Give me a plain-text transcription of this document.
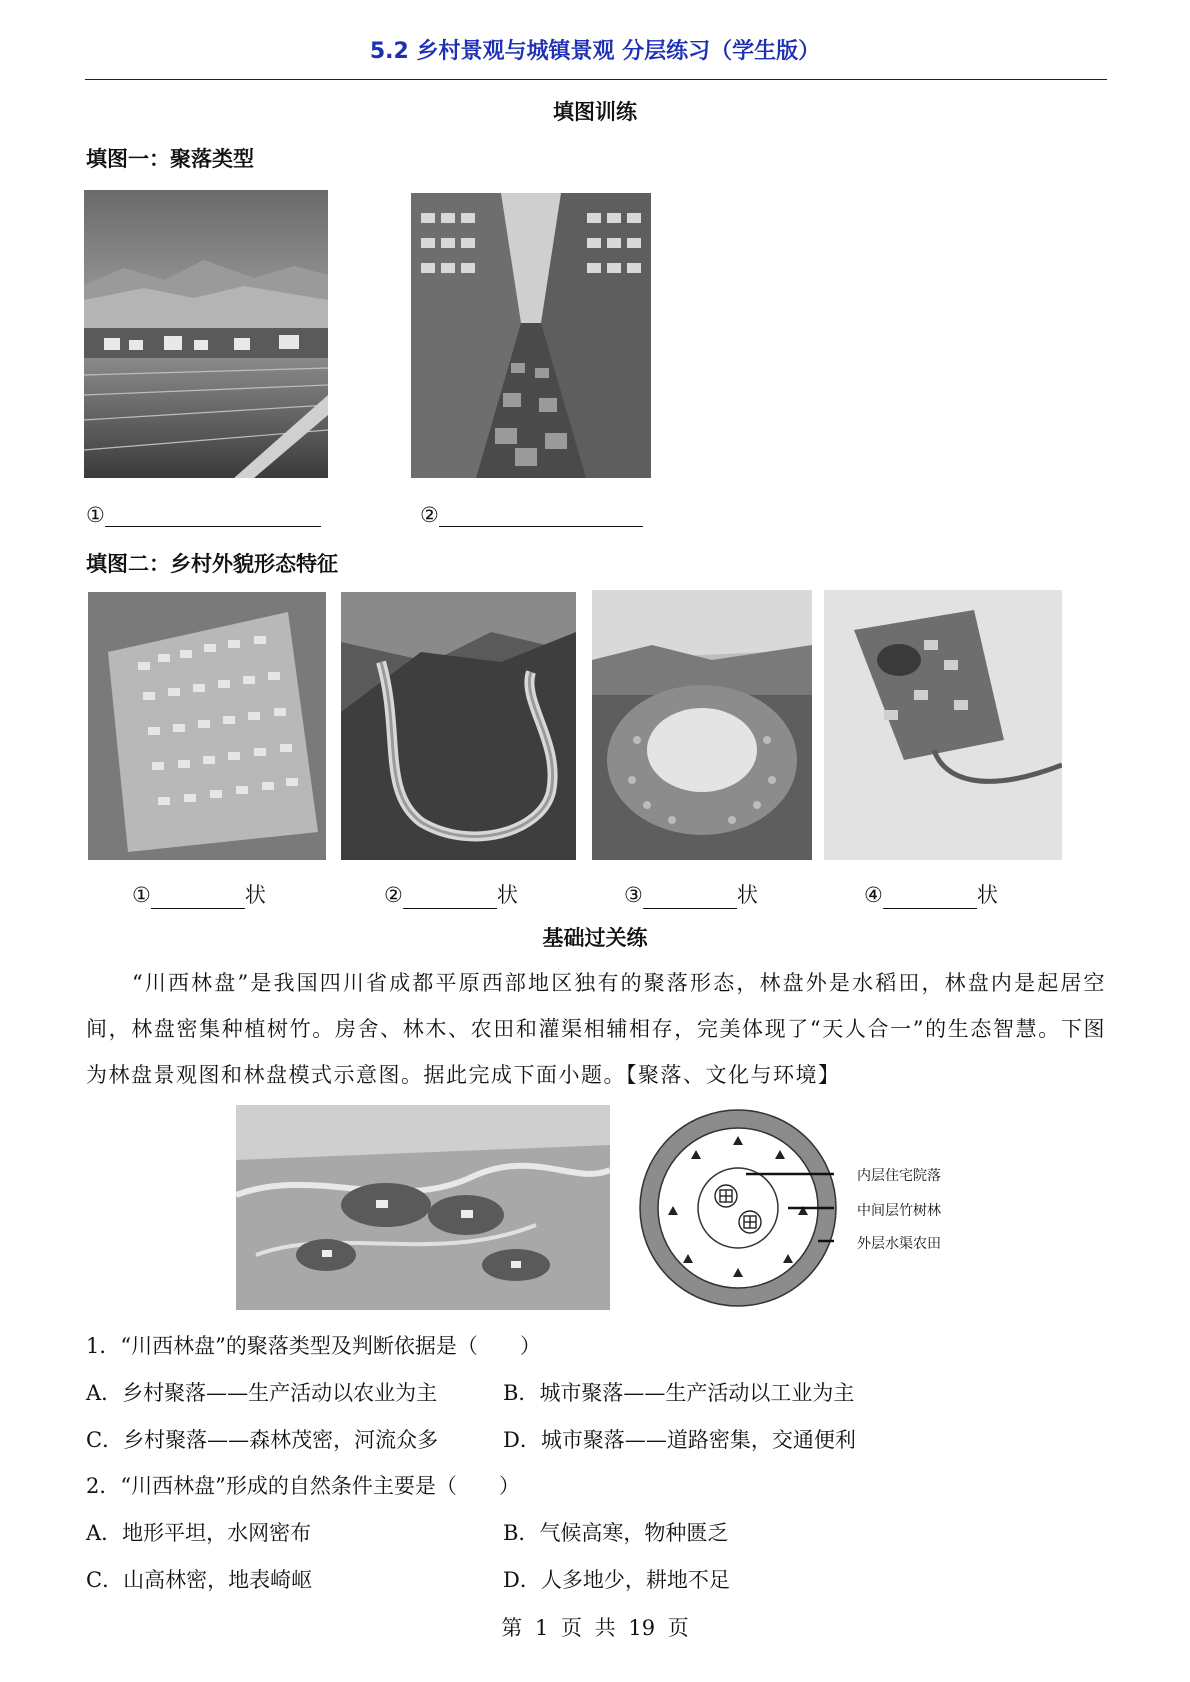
5.2 乡村景观与城镇景观 分层练习（学生版）
填图训练
填图一：聚落类型
①	②
填图二：乡村外貌形态特征
①	状	②	状	③	状	④	状
基础过关练
“川西林盘”是我国四川省成都平原西部地区独有的聚落形态，林盘外是水稻田，林盘内是起居空间，林盘密集种植树竹。房舍、林木、农田和灌渠相辅相存，完美体现了“天人合一”的生态智慧。下图为林盘景观图和林盘模式示意图。据此完成下面小题。【聚落、文化与环境】
内层住宅院落
中间层竹树林
外层水渠农田
1．“川西林盘”的聚落类型及判断依据是（　　）
A．乡村聚落——生产活动以农业为主	B．城市聚落——生产活动以工业为主
C．乡村聚落——森林茂密，河流众多	D．城市聚落——道路密集，交通便利
2．“川西林盘”形成的自然条件主要是（　　）
A．地形平坦，水网密布	B．气候高寒，物种匮乏
C．山高林密，地表崎岖	D．人多地少，耕地不足
第 1 页 共 19 页
